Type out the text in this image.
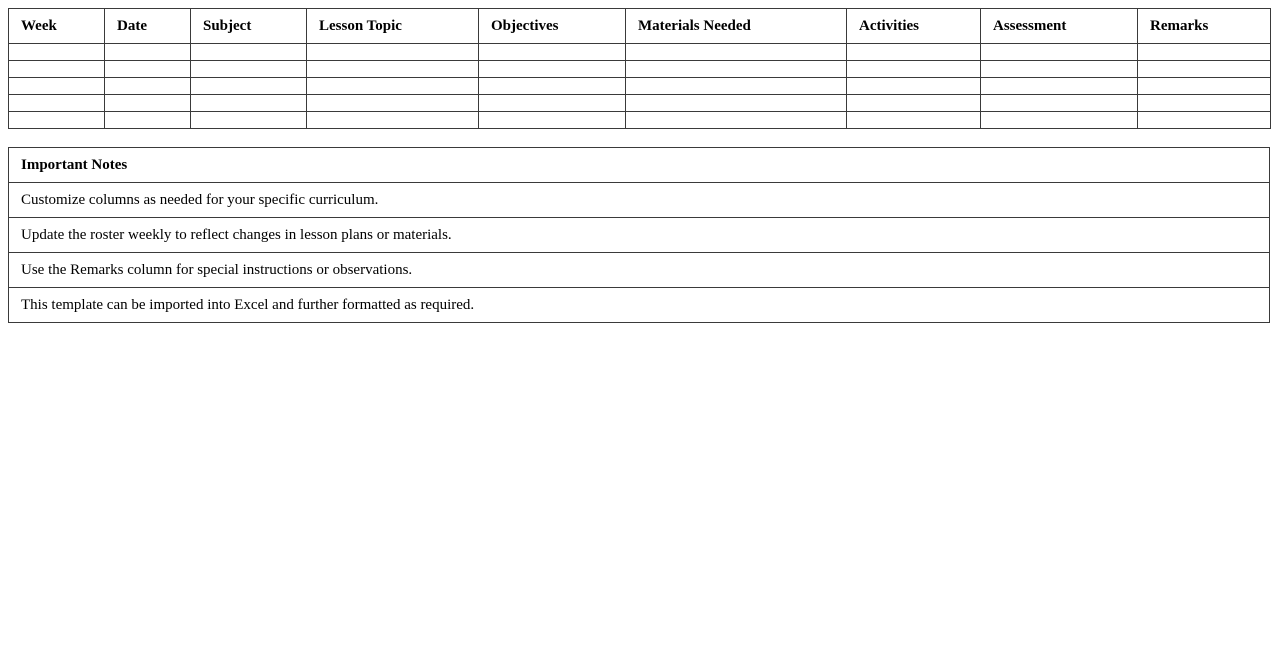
Week	Date	Subject	Lesson Topic	Objectives	Materials Needed	Activities	Assessment	Remarks

Important Notes
Customize columns as needed for your specific curriculum.
Update the roster weekly to reflect changes in lesson plans or materials.
Use the Remarks column for special instructions or observations.
This template can be imported into Excel and further formatted as required.
